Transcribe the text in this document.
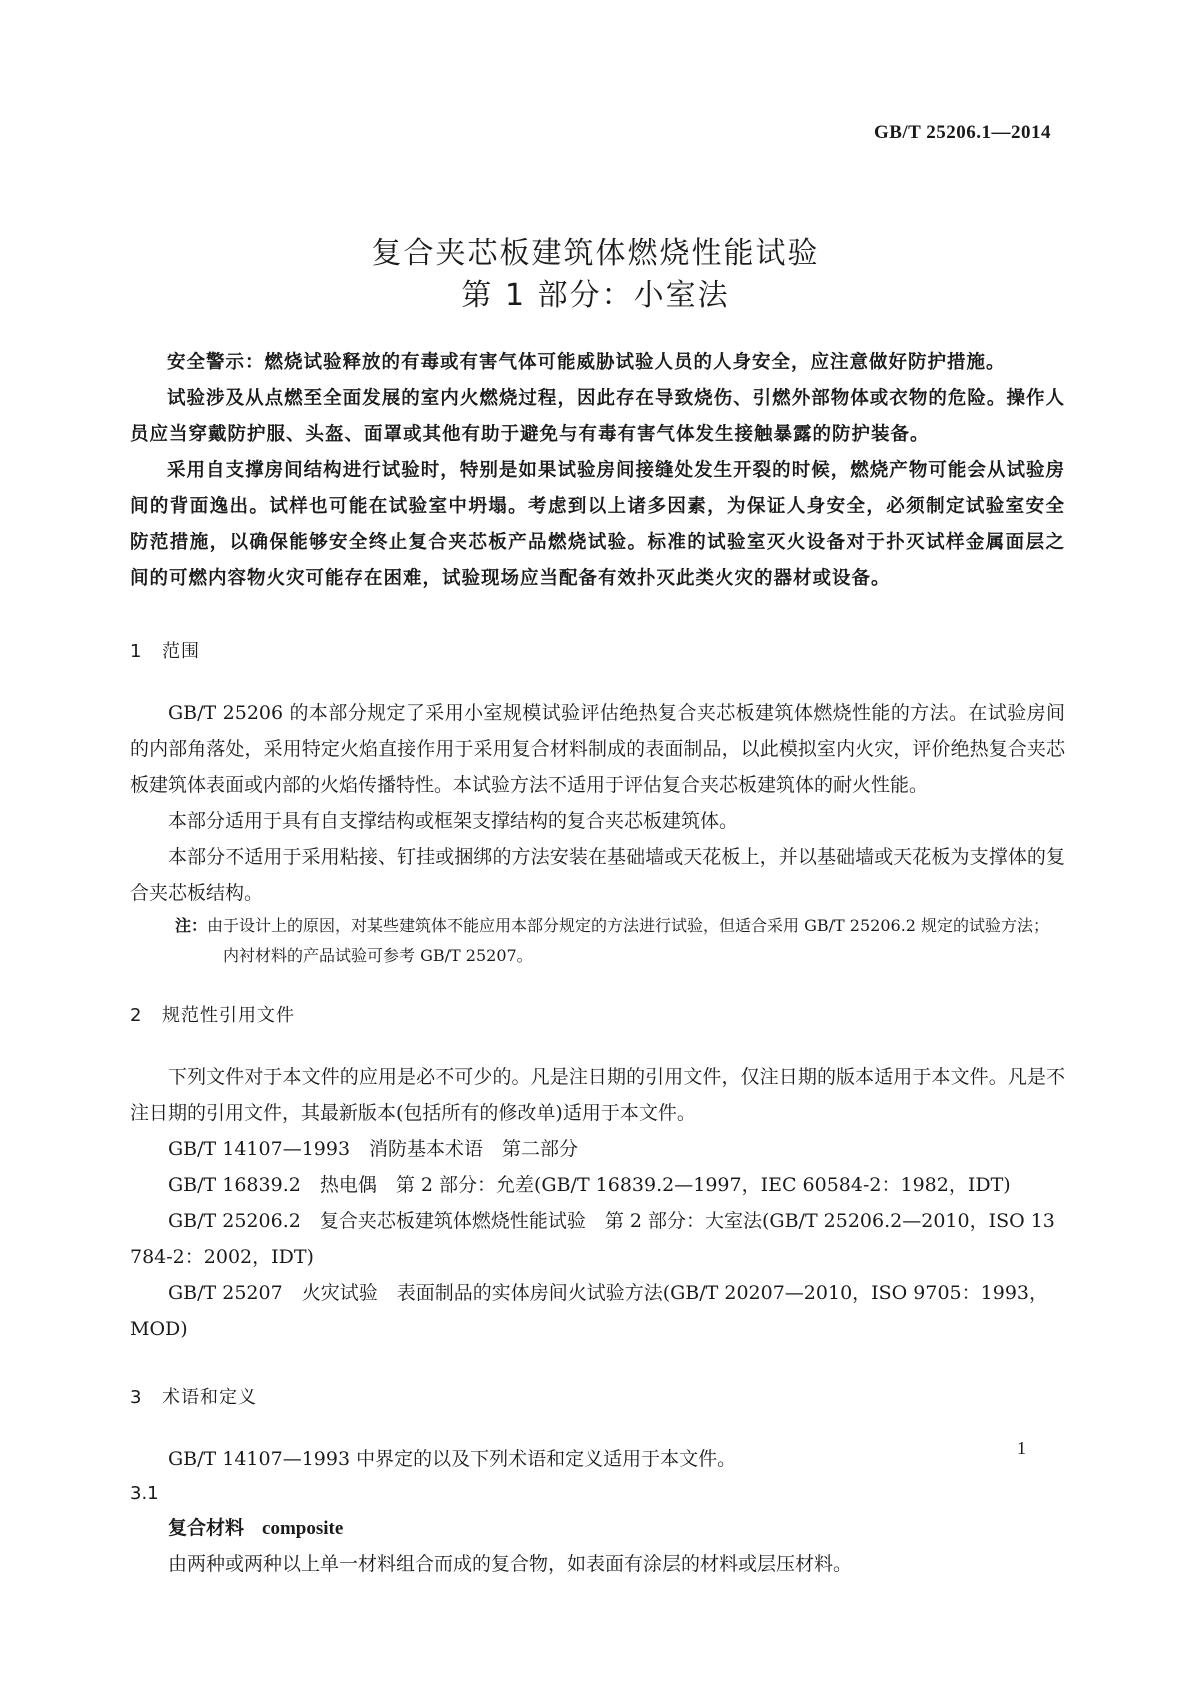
GB/T 25206.1—2014
复合夹芯板建筑体燃烧性能试验
第 1 部分：小室法

安全警示：燃烧试验释放的有毒或有害气体可能威胁试验人员的人身安全，应注意做好防护措施。

试验涉及从点燃至全面发展的室内火燃烧过程，因此存在导致烧伤、引燃外部物体或衣物的危险。操作人员应当穿戴防护服、头盔、面罩或其他有助于避免与有毒有害气体发生接触暴露的防护装备。

采用自支撑房间结构进行试验时，特别是如果试验房间接缝处发生开裂的时候，燃烧产物可能会从试验房间的背面逸出。试样也可能在试验室中坍塌。考虑到以上诸多因素，为保证人身安全，必须制定试验室安全防范措施，以确保能够安全终止复合夹芯板产品燃烧试验。标准的试验室灭火设备对于扑灭试样金属面层之间的可燃内容物火灾可能存在困难，试验现场应当配备有效扑灭此类火灾的器材或设备。

1 范围

GB/T 25206 的本部分规定了采用小室规模试验评估绝热复合夹芯板建筑体燃烧性能的方法。在试验房间的内部角落处，采用特定火焰直接作用于采用复合材料制成的表面制品，以此模拟室内火灾，评价绝热复合夹芯板建筑体表面或内部的火焰传播特性。本试验方法不适用于评估复合夹芯板建筑体的耐火性能。

本部分适用于具有自支撑结构或框架支撑结构的复合夹芯板建筑体。

本部分不适用于采用粘接、钉挂或捆绑的方法安装在基础墙或天花板上，并以基础墙或天花板为支撑体的复合夹芯板结构。

注：由于设计上的原因，对某些建筑体不能应用本部分规定的方法进行试验，但适合采用 GB/T 25206.2 规定的试验方法；内衬材料的产品试验可参考 GB/T 25207。

2 规范性引用文件

下列文件对于本文件的应用是必不可少的。凡是注日期的引用文件，仅注日期的版本适用于本文件。凡是不注日期的引用文件，其最新版本(包括所有的修改单)适用于本文件。

GB/T 14107—1993　消防基本术语　第二部分

GB/T 16839.2　热电偶　第 2 部分：允差(GB/T 16839.2—1997，IEC 60584-2：1982，IDT)

GB/T 25206.2　复合夹芯板建筑体燃烧性能试验　第 2 部分：大室法(GB/T 25206.2—2010，ISO 13784-2：2002，IDT)

GB/T 25207　火灾试验　表面制品的实体房间火试验方法(GB/T 20207—2010，ISO 9705：1993，MOD)

3 术语和定义

GB/T 14107—1993 中界定的以及下列术语和定义适用于本文件。

3.1

复合材料 composite

由两种或两种以上单一材料组合而成的复合物，如表面有涂层的材料或层压材料。

1
